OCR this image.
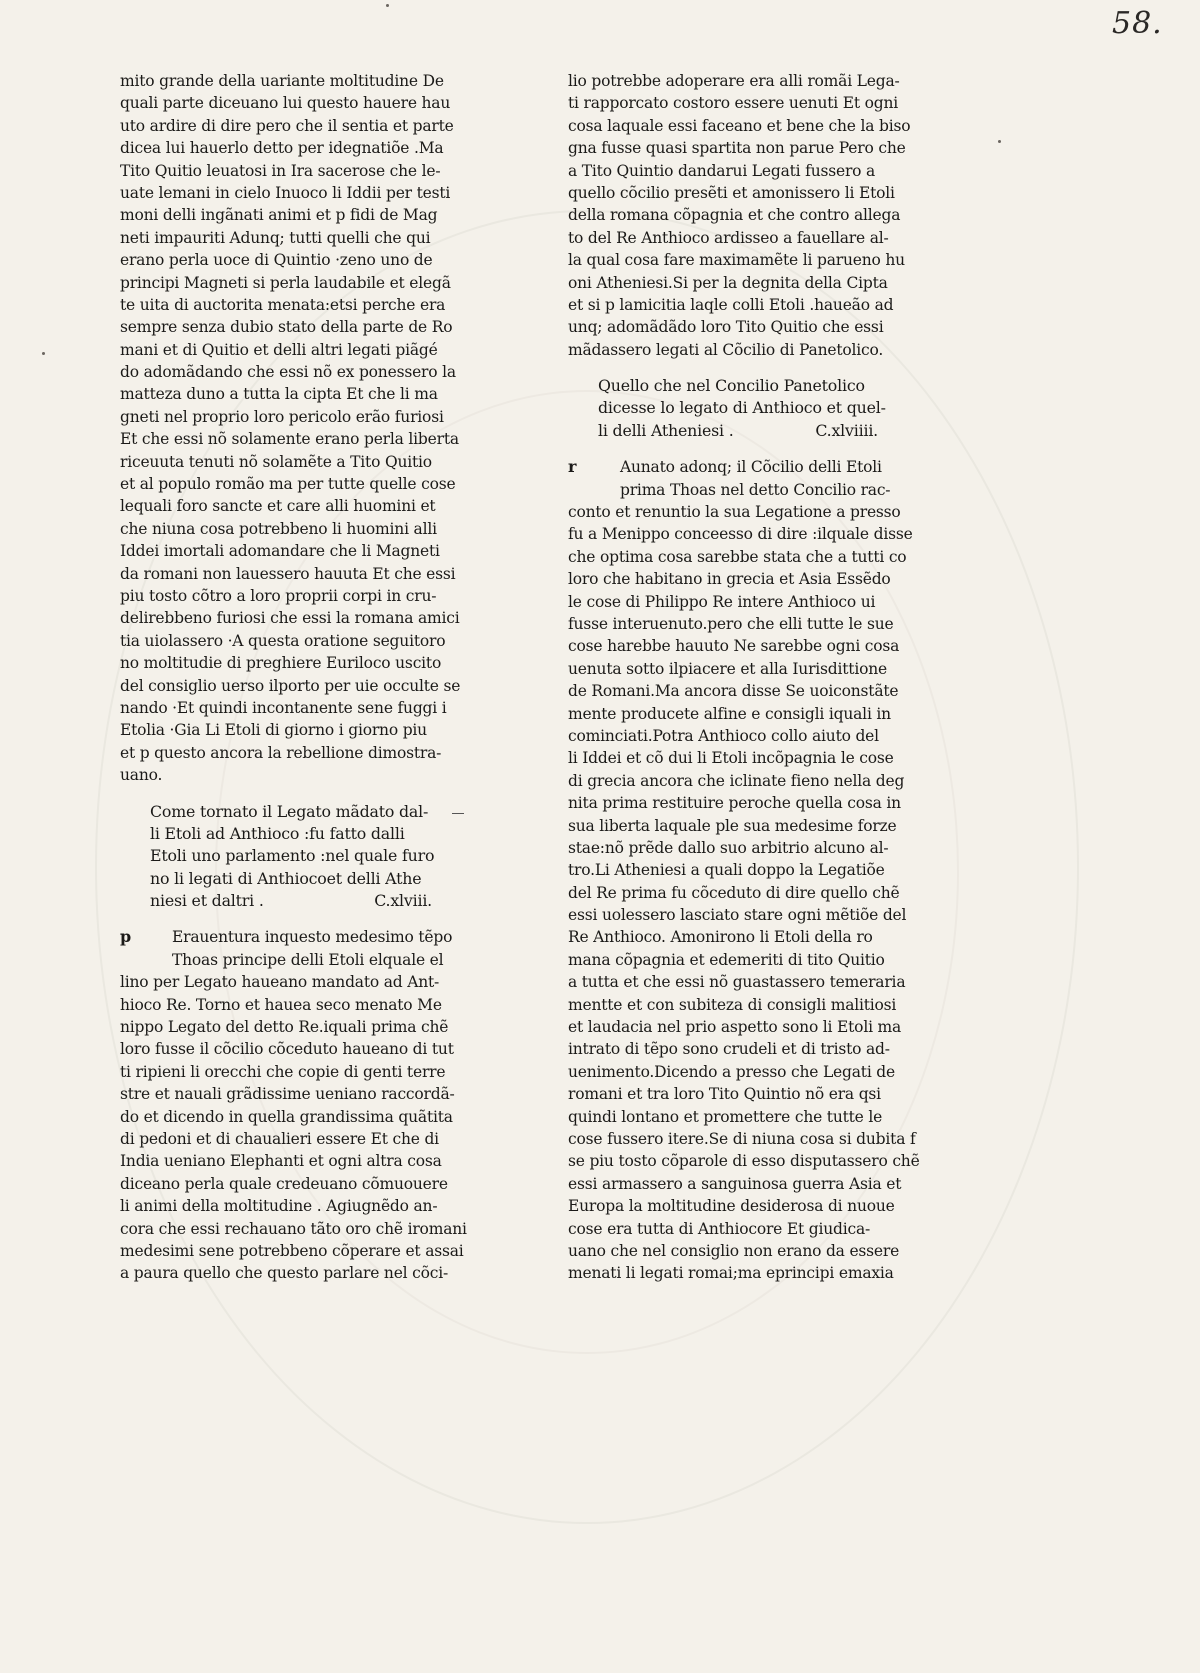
58.
mito grande della uariante moltitudine De
quali parte diceuano lui questo hauere hau
uto ardire di dire pero che il sentia et parte
dicea lui hauerlo detto per idegnatiõe .Ma
Tito Quitio leuatosi in Ira sacerose che le-
uate lemani in cielo Inuoco li Iddii per testi
moni delli ingãnati animi et p fidi de Mag
neti impauriti Adunq; tutti quelli che qui
erano perla uoce di Quintio ·zeno uno de
principi Magneti si perla laudabile et elegã
te uita di auctorita menata:etsi perche era
sempre senza dubio stato della parte de Ro
mani et di Quitio et delli altri legati piãgé
do adomãdando che essi nõ ex ponessero la
matteza duno a tutta la cipta Et che li ma
gneti nel proprio loro pericolo erão furiosi
Et che essi nõ solamente erano perla liberta
riceuuta tenuti nõ solamẽte a Tito Quitio
et al populo romão ma per tutte quelle cose
lequali foro sancte et care alli huomini et
che niuna cosa potrebbeno li huomini alli
Iddei imortali adomandare che li Magneti
da romani non lauessero hauuta Et che essi
piu tosto cõtro a loro proprii corpi in cru-
delirebbeno furiosi che essi la romana amici
tia uiolassero ·A questa oratione seguitoro
no moltitudie di preghiere Euriloco uscito
del consiglio uerso ilporto per uie occulte se
nando ·Et quindi incontanente sene fuggi i
Etolia ·Gia Li Etoli di giorno i giorno piu
et p questo ancora la rebellione dimostra-
uano.
Come tornato il Legato mãdato dal-
li Etoli ad Anthioco :fu fatto dalli
Etoli uno parlamento :nel quale furo
no li legati di Anthiocoet delli Athe
niesi et daltri .	C.xlviii.
p	Erauentura inquesto medesimo tẽpo
Thoas principe delli Etoli elquale el
lino per Legato haueano mandato ad Ant-
hioco Re. Torno et hauea seco menato Me
nippo Legato del detto Re.iquali prima chẽ
loro fusse il cõcilio cõceduto haueano di tut
ti ripieni li orecchi che copie di genti terre
stre et nauali grãdissime ueniano raccordã-
do et dicendo in quella grandissima quãtita
di pedoni et di chaualieri essere Et che di
India ueniano Elephanti et ogni altra cosa
diceano perla quale credeuano cõmuouere
li animi della moltitudine . Agiugnẽdo an-
cora che essi rechauano tãto oro chẽ iromani
medesimi sene potrebbeno cõperare et assai
a paura quello che questo parlare nel cõci-
lio potrebbe adoperare era alli romãi Lega-
ti rapporcato costoro essere uenuti Et ogni
cosa laquale essi faceano et bene che la biso
gna fusse quasi spartita non parue Pero che
a Tito Quintio dandarui Legati fussero a
quello cõcilio presẽti et amonissero li Etoli
della romana cõpagnia et che contro allega
to del Re Anthioco ardisseo a fauellare al-
la qual cosa fare maximamẽte li parueno hu
oni Atheniesi.Si per la degnita della Cipta
et si p lamicitia laqle colli Etoli .haueão ad
unq; adomãdãdo loro Tito Quitio che essi
mãdassero legati al Cõcilio di Panetolico.
Quello che nel Concilio Panetolico
dicesse lo legato di Anthioco et quel-
li delli Atheniesi .	C.xlviiii.
r	Aunato adonq; il Cõcilio delli Etoli
prima Thoas nel detto Concilio rac-
conto et renuntio la sua Legatione a presso
fu a Menippo conceesso di dire :ilquale disse
che optima cosa sarebbe stata che a tutti co
loro che habitano in grecia et Asia Essẽdo
le cose di Philippo Re intere Anthioco ui
fusse interuenuto.pero che elli tutte le sue
cose harebbe hauuto Ne sarebbe ogni cosa
uenuta sotto ilpiacere et alla Iurisdittione
de Romani.Ma ancora disse Se uoiconstãte
mente producete alfine e consigli iquali in
cominciati.Potra Anthioco collo aiuto del
li Iddei et cõ dui li Etoli incõpagnia le cose
di grecia ancora che iclinate fieno nella deg
nita prima restituire peroche quella cosa in
sua liberta laquale ple sua medesime forze
stae:nõ prẽde dallo suo arbitrio alcuno al-
tro.Li Atheniesi a quali doppo la Legatiõe
del Re prima fu cõceduto di dire quello chẽ
essi uolessero lasciato stare ogni mẽtiõe del
Re Anthioco. Amonirono li Etoli della ro
mana cõpagnia et edemeriti di tito Quitio
a tutta et che essi nõ guastassero temeraria
mentte et con subiteza di consigli malitiosi
et laudacia nel prio aspetto sono li Etoli ma
intrato di tẽpo sono crudeli et di tristo ad-
uenimento.Dicendo a presso che Legati de
romani et tra loro Tito Quintio nõ era qsi
quindi lontano et promettere che tutte le
cose fussero itere.Se di niuna cosa si dubita f
se piu tosto cõparole di esso disputassero chẽ
essi armassero a sanguinosa guerra Asia et
Europa la moltitudine desiderosa di nuoue
cose era tutta di Anthiocore Et giudica-
uano che nel consiglio non erano da essere
menati li legati romai;ma eprincipi emaxia
